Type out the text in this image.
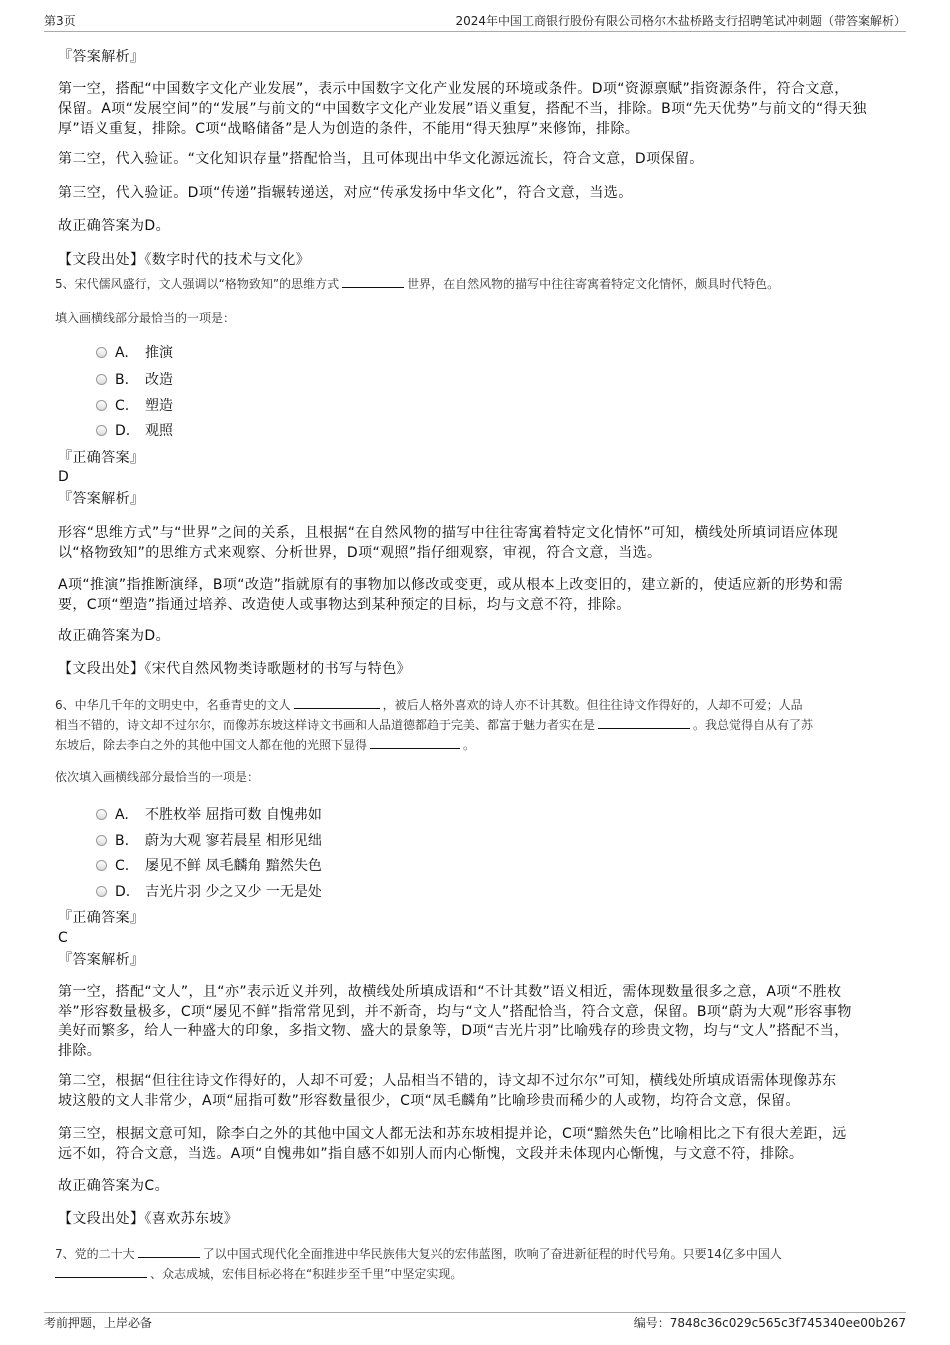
第3页	2024年中国工商银行股份有限公司格尔木盐桥路支行招聘笔试冲刺题（带答案解析）
『答案解析』
第一空，搭配“中国数字文化产业发展”，表示中国数字文化产业发展的环境或条件。D项“资源禀赋”指资源条件，符合文意，
保留。A项“发展空间”的“发展”与前文的“中国数字文化产业发展”语义重复，搭配不当，排除。B项“先天优势”与前文的“得天独
厚”语义重复，排除。C项“战略储备”是人为创造的条件，不能用“得天独厚”来修饰，排除。
第二空，代入验证。“文化知识存量”搭配恰当，且可体现出中华文化源远流长，符合文意，D项保留。
第三空，代入验证。D项“传递”指辗转递送，对应“传承发扬中华文化”，符合文意，当选。
故正确答案为D。
【文段出处】《数字时代的技术与文化》
5、宋代儒风盛行，文人强调以“格物致知”的思维方式	世界，在自然风物的描写中往往寄寓着特定文化情怀，颇具时代特色。
填入画横线部分最恰当的一项是：
A. 推演
B. 改造
C. 塑造
D. 观照
『正确答案』
D
『答案解析』
形容“思维方式”与“世界”之间的关系，且根据“在自然风物的描写中往往寄寓着特定文化情怀”可知，横线处所填词语应体现
以“格物致知”的思维方式来观察、分析世界，D项“观照”指仔细观察，审视，符合文意，当选。
A项“推演”指推断演绎，B项“改造”指就原有的事物加以修改或变更，或从根本上改变旧的，建立新的，使适应新的形势和需
要，C项“塑造”指通过培养、改造使人或事物达到某种预定的目标，均与文意不符，排除。
故正确答案为D。
【文段出处】《宋代自然风物类诗歌题材的书写与特色》
6、中华几千年的文明史中，名垂青史的文人	，被后人格外喜欢的诗人亦不计其数。但往往诗文作得好的，人却不可爱；人品
相当不错的，诗文却不过尔尔，而像苏东坡这样诗文书画和人品道德都趋于完美、都富于魅力者实在是	。我总觉得自从有了苏
东坡后，除去李白之外的其他中国文人都在他的光照下显得	。
依次填入画横线部分最恰当的一项是：
A. 不胜枚举 屈指可数 自愧弗如
B. 蔚为大观 寥若晨星 相形见绌
C. 屡见不鲜 凤毛麟角 黯然失色
D. 吉光片羽 少之又少 一无是处
『正确答案』
C
『答案解析』
第一空，搭配“文人”，且“亦”表示近义并列，故横线处所填成语和“不计其数”语义相近，需体现数量很多之意，A项“不胜枚
举”形容数量极多，C项“屡见不鲜”指常常见到，并不新奇，均与“文人”搭配恰当，符合文意，保留。B项“蔚为大观”形容事物
美好而繁多，给人一种盛大的印象，多指文物、盛大的景象等，D项“吉光片羽”比喻残存的珍贵文物，均与“文人”搭配不当，
排除。
第二空，根据“但往往诗文作得好的，人却不可爱；人品相当不错的，诗文却不过尔尔”可知，横线处所填成语需体现像苏东
坡这般的文人非常少，A项“屈指可数”形容数量很少，C项“凤毛麟角”比喻珍贵而稀少的人或物，均符合文意，保留。
第三空，根据文意可知，除李白之外的其他中国文人都无法和苏东坡相提并论，C项“黯然失色”比喻相比之下有很大差距，远
远不如，符合文意，当选。A项“自愧弗如”指自感不如别人而内心惭愧，文段并未体现内心惭愧，与文意不符，排除。
故正确答案为C。
【文段出处】《喜欢苏东坡》
7、党的二十大	了以中国式现代化全面推进中华民族伟大复兴的宏伟蓝图，吹响了奋进新征程的时代号角。只要14亿多中国人
、众志成城，宏伟目标必将在“积跬步至千里”中坚定实现。
考前押题，上岸必备	编号：7848c36c029c565c3f745340ee00b267
